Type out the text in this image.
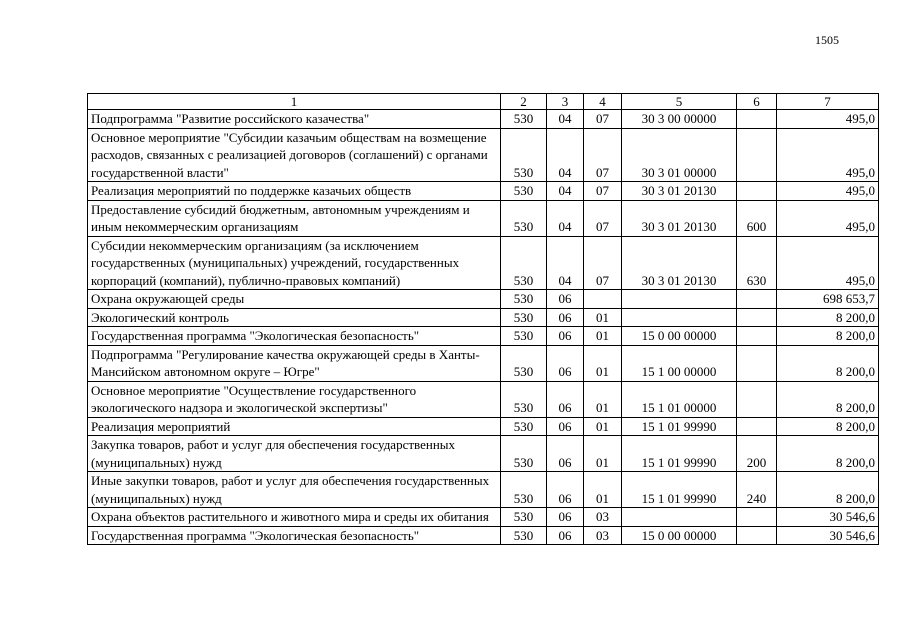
1505
1	2	3	4	5	6	7
Подпрограмма "Развитие российского казачества"	530	04	07	30 3 00 00000		495,0
Основное мероприятие "Субсидии казачьим обществам на возмещение расходов, связанных с реализацией договоров (соглашений) с органами государственной власти"	530	04	07	30 3 01 00000		495,0
Реализация мероприятий по поддержке казачьих обществ	530	04	07	30 3 01 20130		495,0
Предоставление субсидий бюджетным, автономным учреждениям и иным некоммерческим организациям	530	04	07	30 3 01 20130	600	495,0
Субсидии некоммерческим организациям (за исключением государственных (муниципальных) учреждений, государственных корпораций (компаний), публично-правовых компаний)	530	04	07	30 3 01 20130	630	495,0
Охрана окружающей среды	530	06				698 653,7
Экологический контроль	530	06	01			8 200,0
Государственная программа "Экологическая безопасность"	530	06	01	15 0 00 00000		8 200,0
Подпрограмма "Регулирование качества окружающей среды в Ханты-Мансийском автономном округе – Югре"	530	06	01	15 1 00 00000		8 200,0
Основное мероприятие "Осуществление государственного экологического надзора и экологической экспертизы"	530	06	01	15 1 01 00000		8 200,0
Реализация мероприятий	530	06	01	15 1 01 99990		8 200,0
Закупка товаров, работ и услуг для обеспечения государственных (муниципальных) нужд	530	06	01	15 1 01 99990	200	8 200,0
Иные закупки товаров, работ и услуг для обеспечения государственных (муниципальных) нужд	530	06	01	15 1 01 99990	240	8 200,0
Охрана объектов растительного и животного мира и среды их обитания	530	06	03			30 546,6
Государственная программа "Экологическая безопасность"	530	06	03	15 0 00 00000		30 546,6
